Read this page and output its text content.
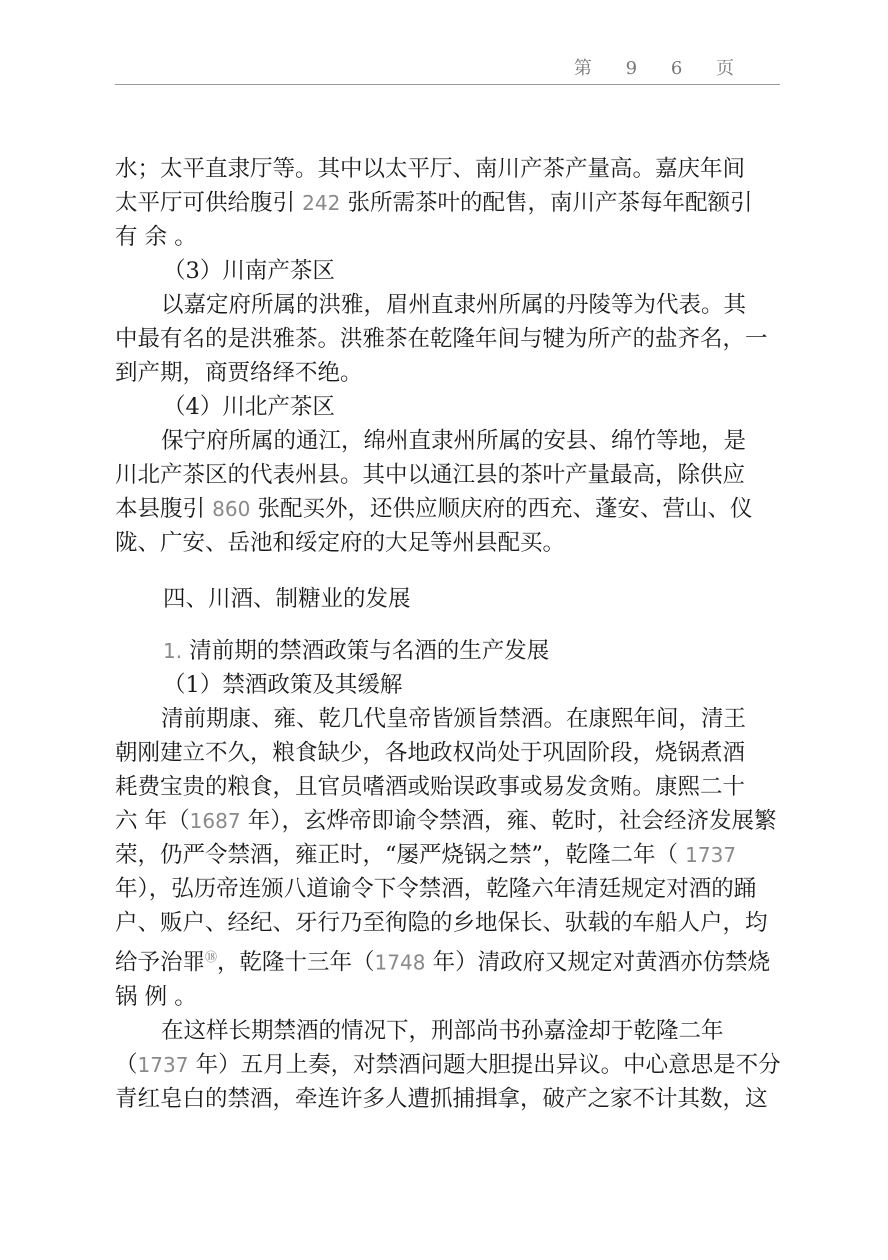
第 9 6 页

水；太平直隶厅等。其中以太平厅、南川产茶产量高。嘉庆年间

太平厅可供给腹引 242 张所需茶叶的配售，南川产茶每年配额引

有 余 。

（3）川南产茶区

以嘉定府所属的洪雅，眉州直隶州所属的丹陵等为代表。其

中最有名的是洪雅茶。洪雅茶在乾隆年间与犍为所产的盐齐名，一

到产期，商贾络绎不绝。

（4）川北产茶区

保宁府所属的通江，绵州直隶州所属的安县、绵竹等地，是

川北产茶区的代表州县。其中以通江县的茶叶产量最高，除供应

本县腹引 860 张配买外，还供应顺庆府的西充、蓬安、营山、仪

陇、广安、岳池和绥定府的大足等州县配买。

四、川酒、制糖业的发展

1. 清前期的禁酒政策与名酒的生产发展

（1）禁酒政策及其缓解

清前期康、雍、乾几代皇帝皆颁旨禁酒。在康熙年间，清王

朝刚建立不久，粮食缺少，各地政权尚处于巩固阶段，烧锅煮酒

耗费宝贵的粮食，且官员嗜酒或贻误政事或易发贪贿。康熙二十

六 年（1687 年），玄烨帝即谕令禁酒，雍、乾时，社会经济发展繁

荣，仍严令禁酒，雍正时，“屡严烧锅之禁”，乾隆二年（ 1737

年），弘历帝连颁八道谕令下令禁酒，乾隆六年清廷规定对酒的踊

户、贩户、经纪、牙行乃至徇隐的乡地保长、驮载的车船人户，均

给予治罪⑱，乾隆十三年（1748 年）清政府又规定对黄酒亦仿禁烧

锅 例 。

在这样长期禁酒的情况下，刑部尚书孙嘉淦却于乾隆二年

（1737 年）五月上奏，对禁酒问题大胆提出异议。中心意思是不分

青红皂白的禁酒，牵连许多人遭抓捕揖拿，破产之家不计其数，这
